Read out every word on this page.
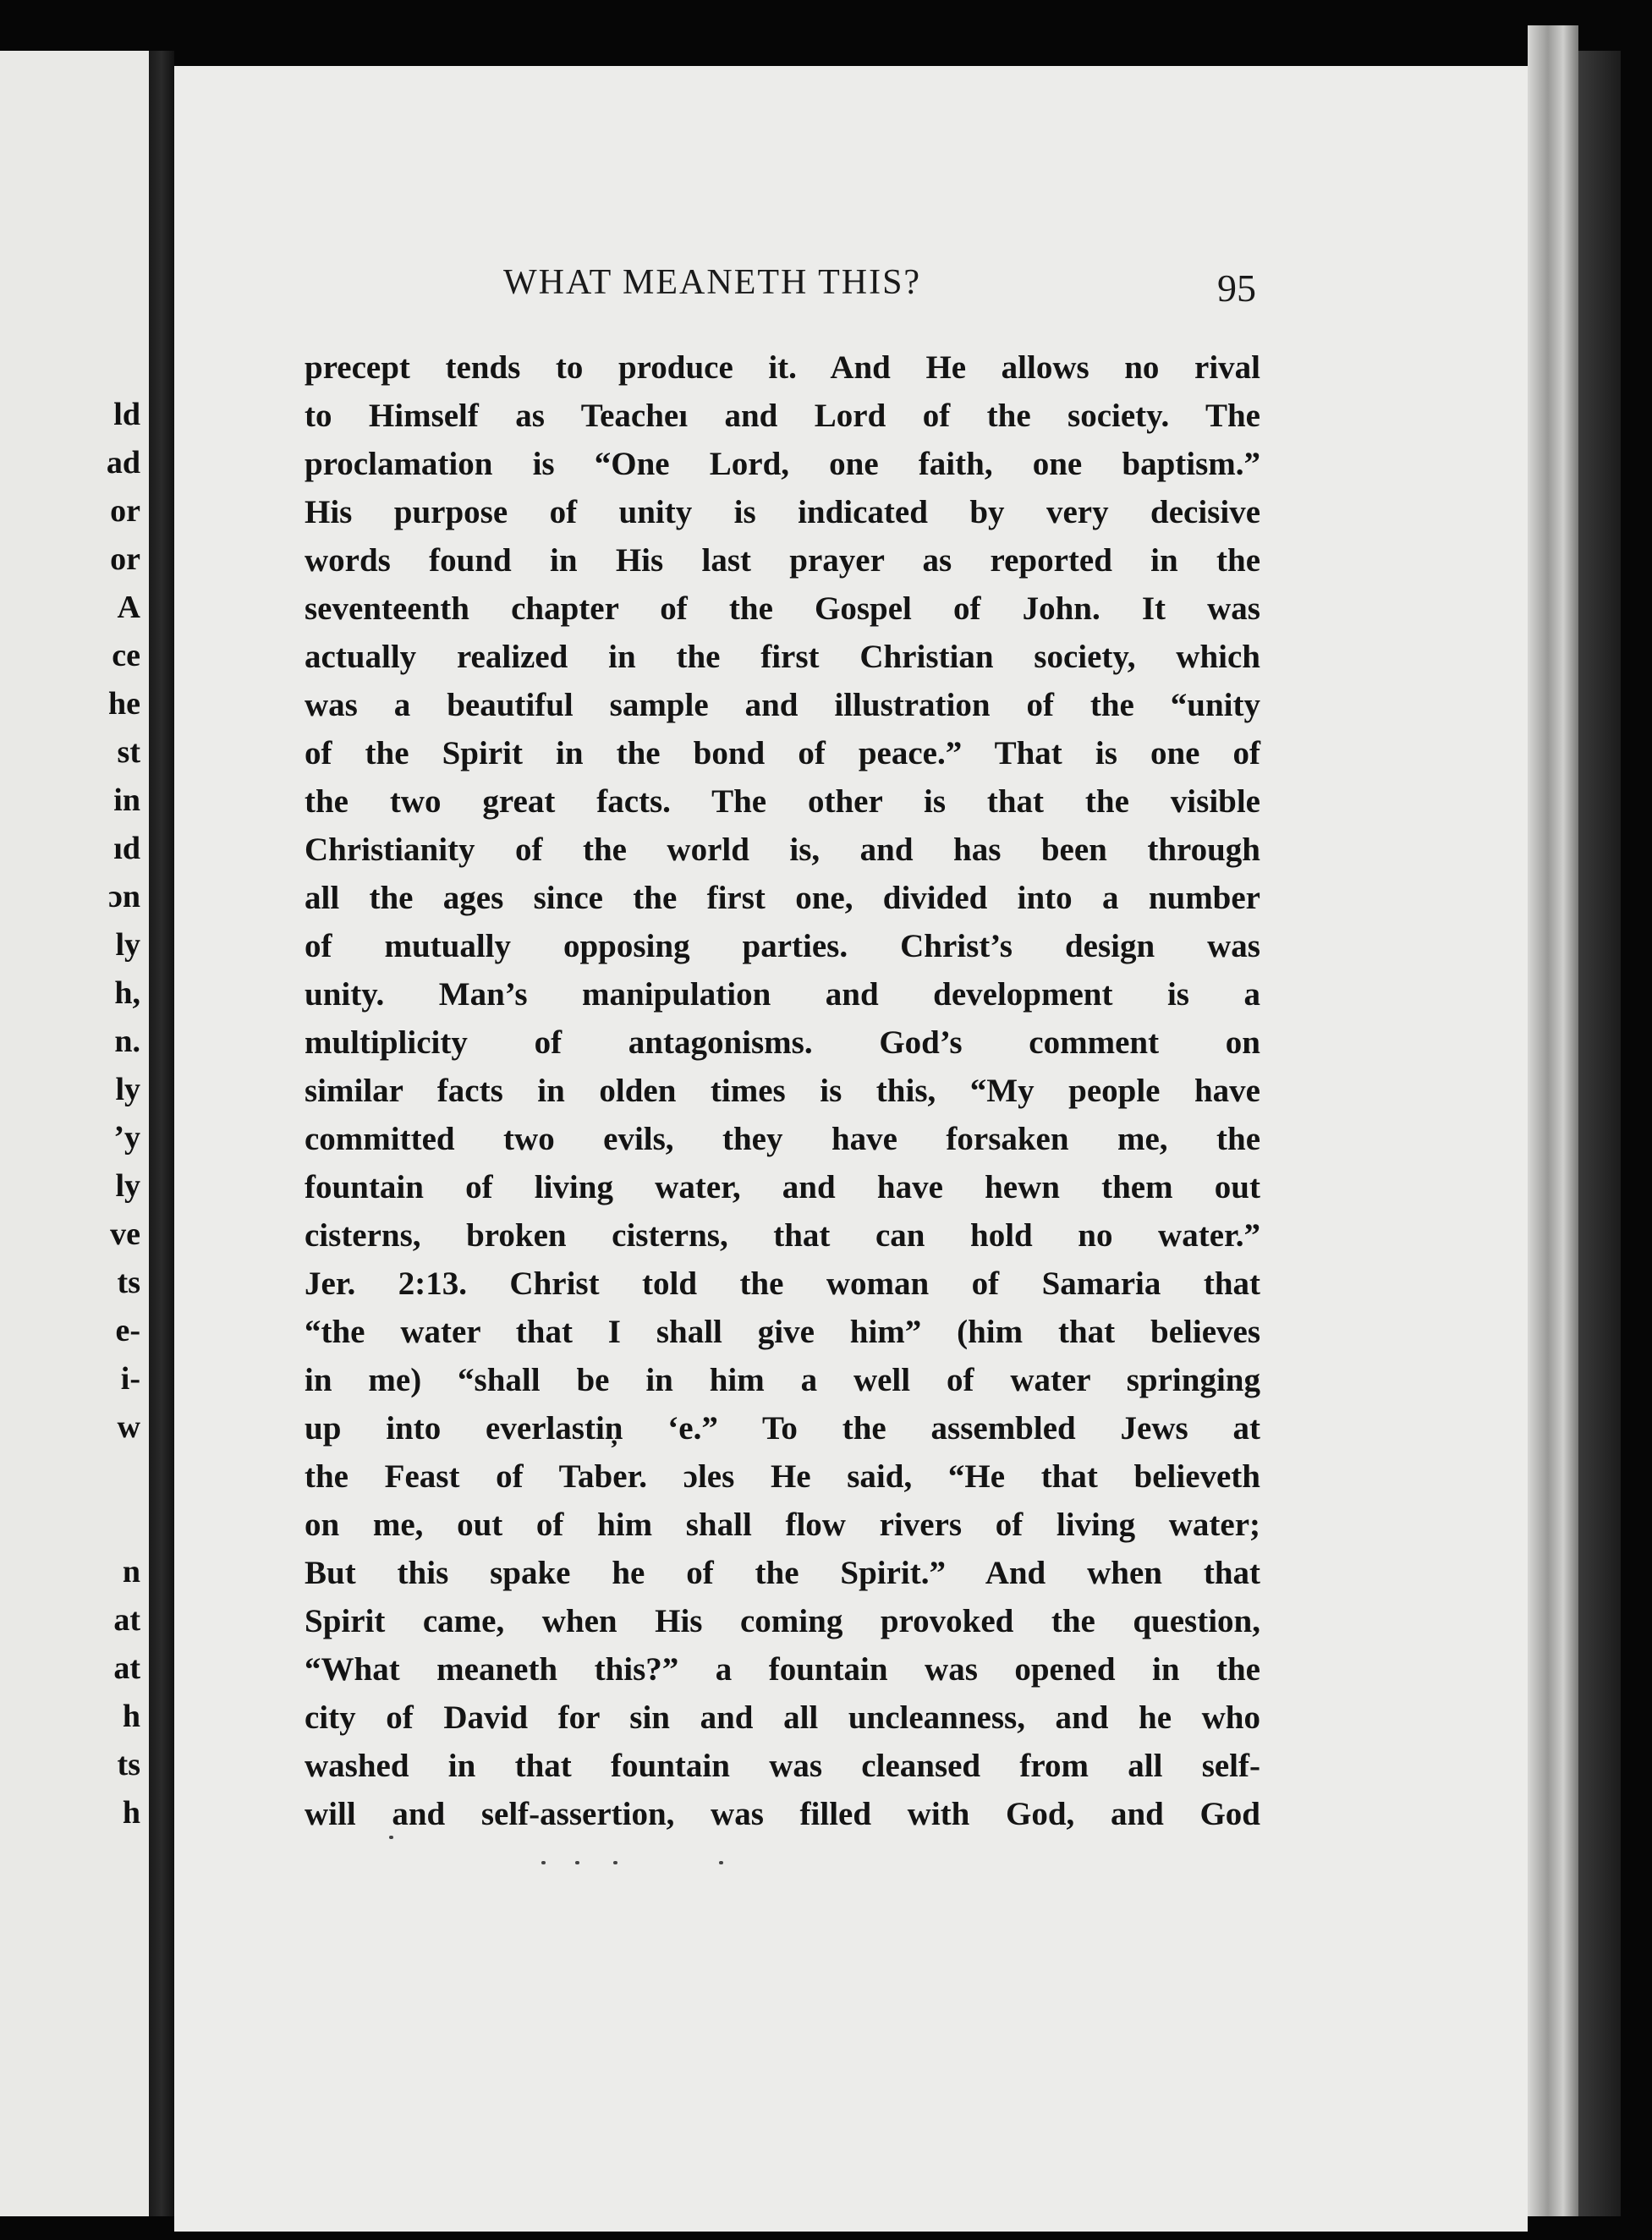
ld
ad
or
or
A
ce
he
st
in
ıd
ɔn
ly
h,
n.
ly
ʼy
ly
ve
ts
e-
i-
w
n
at
at
h
ts
h
WHAT MEANETH THIS?	95
precept tends to produce it. And He allows no rival
to Himself as Teacheı and Lord of the society. The
proclamation is “One Lord, one faith, one baptism.”
His purpose of unity is indicated by very decisive
words found in His last prayer as reported in the
seventeenth chapter of the Gospel of John. It was
actually realized in the first Christian society, which
was a beautiful sample and illustration of the “unity
of the Spirit in the bond of peace.” That is one of
the two great facts. The other is that the visible
Christianity of the world is, and has been through
all the ages since the first one, divided into a number
of mutually opposing parties. Christ’s design was
unity. Man’s manipulation and development is a
multiplicity of antagonisms. God’s comment on
similar facts in olden times is this, “My people have
committed two evils, they have forsaken me, the
fountain of living water, and have hewn them out
cisterns, broken cisterns, that can hold no water.”
Jer. 2:13. Christ told the woman of Samaria that
“the water that I shall give him” (him that believes
in me) “shall be in him a well of water springing
up into everlastiņ ʻe.” To the assembled Jews at
the Feast of Taber. ɔles He said, “He that believeth
on me, out of him shall flow rivers of living water;
But this spake he of the Spirit.” And when that
Spirit came, when His coming provoked the question,
“What meaneth this?” a fountain was opened in the
city of David for sin and all uncleanness, and he who
washed in that fountain was cleansed from all self-
will and self-assertion, was filled with God, and God
